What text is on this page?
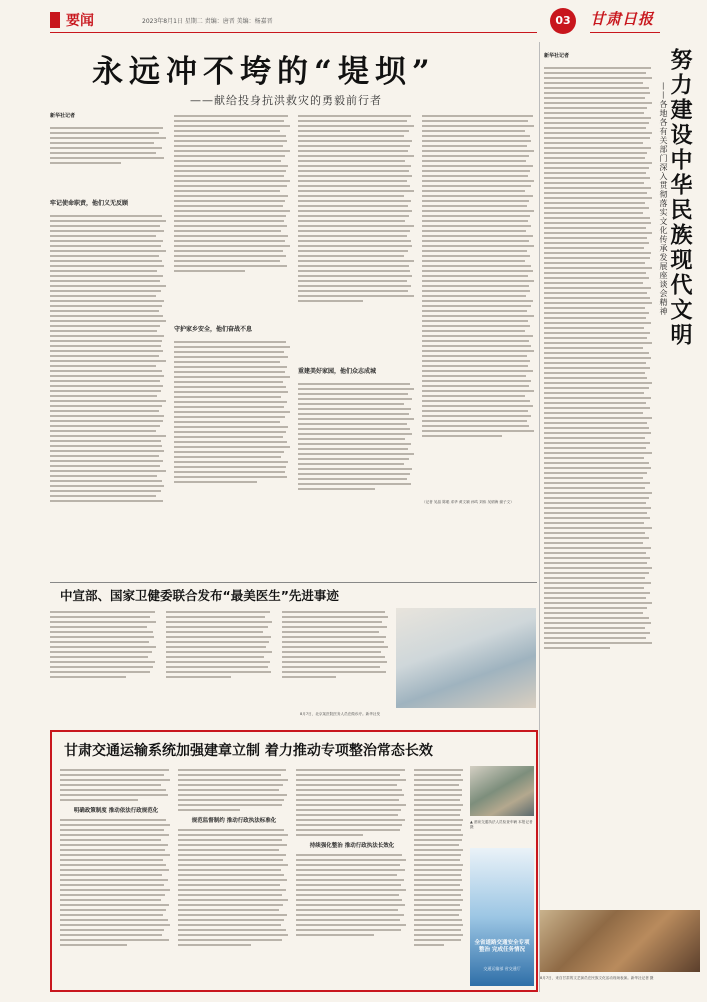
要闻	2023年8月1日 星期二 责编：唐晋 美编：杨嘉晋	03	甘肃日报
永远冲不垮的“堤坝”
——献给投身抗洪救灾的勇毅前行者
新华社记者
牢记使命职责，他们义无反顾
守护家乡安全，他们奋战不息
重建美好家园，他们众志成城
（记者 吴晶 陈聪 邓华 黄文颖 孙鸣 刘伟 吴炳海 谢子文）
新华社记者	努力建设中华民族现代文明
——各地各有关部门深入贯彻落实文化传承发展座谈会精神
8月7日，来自甘肃的文艺演员在民族文化活动现场表演。新华社记者 摄
中宣部、国家卫健委联合发布“最美医生”先进事迹
8月7日，北京某医院医务人员在做诊疗。新华社发
甘肃交通运输系统加强建章立制 着力推动专项整治常态长效
明确政策制度 推动依法行政规范化
规范监督制约 推动行政执法标准化
持续强化整治 推动行政执法长效化
▲ 酒泉交通执法人员检查车辆 本报记者 摄
全省道路交通安全专项整治 完成任务情况
交通运输部 省交通厅
